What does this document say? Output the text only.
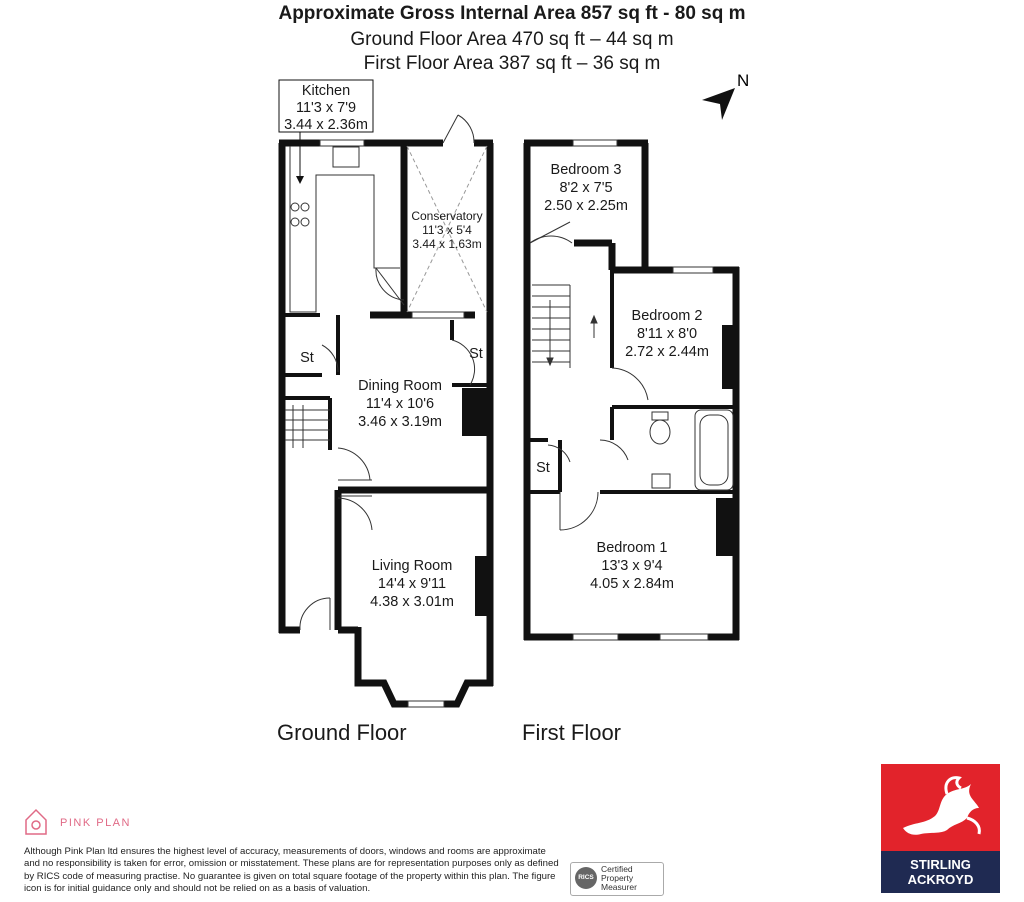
Approximate Gross Internal Area 857 sq ft - 80 sq m
Ground Floor Area 470 sq ft – 44 sq m
First Floor Area 387 sq ft – 36 sq m
N
Kitchen
11'3 x 7'9
3.44 x 2.36m
Conservatory
11'3 x 5'4
3.44 x 1.63m
St	St
Dining Room
11'4 x 10'6
3.46 x 3.19m
Living Room
14'4 x 9'11
4.38 x 3.01m
Bedroom 3
8'2 x 7'5
2.50 x 2.25m
Bedroom 2
8'11 x 8'0
2.72 x 2.44m
St
Bedroom 1
13'3 x 9'4
4.05 x 2.84m
Ground Floor	First Floor
PINK PLAN
Although Pink Plan ltd ensures the highest level of accuracy, measurements of doors, windows and rooms are approximate and no responsibility is taken for error, omission or misstatement. These plans are for representation purposes only as defined by RICS code of measuring practise. No guarantee is given on total square footage of the property within this plan. The figure icon is for initial guidance only and should not be relied on as a basis of valuation.
RICS
Certified
Property
Measurer
STIRLING
ACKROYD
